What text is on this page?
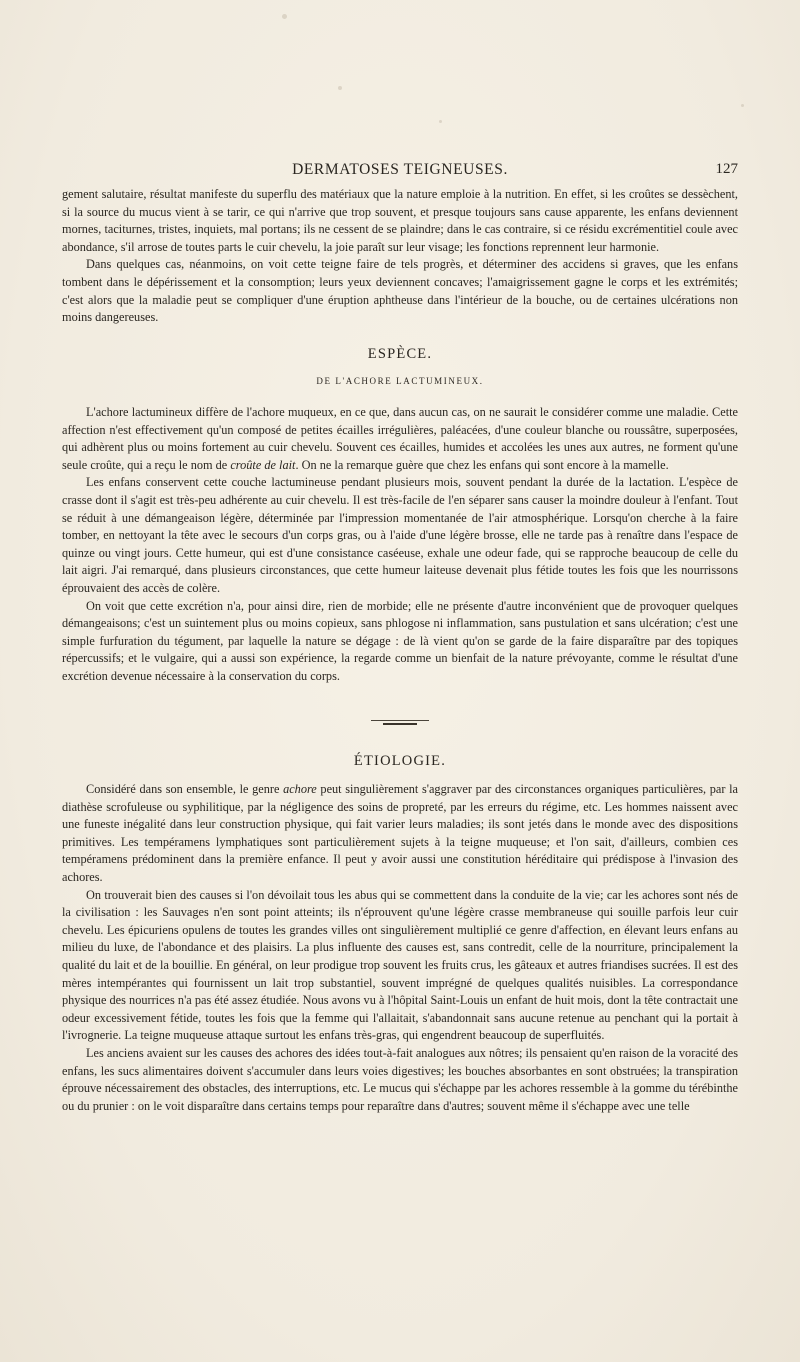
DERMATOSES TEIGNEUSES.	127

gement salutaire, résultat manifeste du superflu des matériaux que la nature emploie à la nutrition. En effet, si les croûtes se dessèchent, si la source du mucus vient à se tarir, ce qui n'arrive que trop souvent, et presque toujours sans cause apparente, les enfans deviennent mornes, taciturnes, tristes, inquiets, mal portans; ils ne cessent de se plaindre; dans le cas contraire, si ce résidu excrémentitiel coule avec abondance, s'il arrose de toutes parts le cuir chevelu, la joie paraît sur leur visage; les fonctions reprennent leur harmonie.

Dans quelques cas, néanmoins, on voit cette teigne faire de tels progrès, et déterminer des accidens si graves, que les enfans tombent dans le dépérissement et la consomption; leurs yeux deviennent concaves; l'amaigrissement gagne le corps et les extrémités; c'est alors que la maladie peut se compliquer d'une éruption aphtheuse dans l'intérieur de la bouche, ou de certaines ulcérations non moins dangereuses.

ESPÈCE.
DE L'ACHORE LACTUMINEUX.

L'achore lactumineux diffère de l'achore muqueux, en ce que, dans aucun cas, on ne saurait le considérer comme une maladie. Cette affection n'est effectivement qu'un composé de petites écailles irrégulières, paléacées, d'une couleur blanche ou roussâtre, superposées, qui adhèrent plus ou moins fortement au cuir chevelu. Souvent ces écailles, humides et accolées les unes aux autres, ne forment qu'une seule croûte, qui a reçu le nom de croûte de lait. On ne la remarque guère que chez les enfans qui sont encore à la mamelle.

Les enfans conservent cette couche lactumineuse pendant plusieurs mois, souvent pendant la durée de la lactation. L'espèce de crasse dont il s'agit est très-peu adhérente au cuir chevelu. Il est très-facile de l'en séparer sans causer la moindre douleur à l'enfant. Tout se réduit à une démangeaison légère, déterminée par l'impression momentanée de l'air atmosphérique. Lorsqu'on cherche à la faire tomber, en nettoyant la tête avec le secours d'un corps gras, ou à l'aide d'une légère brosse, elle ne tarde pas à renaître dans l'espace de quinze ou vingt jours. Cette humeur, qui est d'une consistance caséeuse, exhale une odeur fade, qui se rapproche beaucoup de celle du lait aigri. J'ai remarqué, dans plusieurs circonstances, que cette humeur laiteuse devenait plus fétide toutes les fois que les nourrissons éprouvaient des accès de colère.

On voit que cette excrétion n'a, pour ainsi dire, rien de morbide; elle ne présente d'autre inconvénient que de provoquer quelques démangeaisons; c'est un suintement plus ou moins copieux, sans phlogose ni inflammation, sans pustulation et sans ulcération; c'est une simple furfuration du tégument, par laquelle la nature se dégage : de là vient qu'on se garde de la faire disparaître par des topiques répercussifs; et le vulgaire, qui a aussi son expérience, la regarde comme un bienfait de la nature prévoyante, comme le résultat d'une excrétion devenue nécessaire à la conservation du corps.

ÉTIOLOGIE.

Considéré dans son ensemble, le genre achore peut singulièrement s'aggraver par des circonstances organiques particulières, par la diathèse scrofuleuse ou syphilitique, par la négligence des soins de propreté, par les erreurs du régime, etc. Les hommes naissent avec une funeste inégalité dans leur construction physique, qui fait varier leurs maladies; ils sont jetés dans le monde avec des dispositions primitives. Les tempéramens lymphatiques sont particulièrement sujets à la teigne muqueuse; et l'on sait, d'ailleurs, combien ces tempéramens prédominent dans la première enfance. Il peut y avoir aussi une constitution héréditaire qui prédispose à l'invasion des achores.

On trouverait bien des causes si l'on dévoilait tous les abus qui se commettent dans la conduite de la vie; car les achores sont nés de la civilisation : les Sauvages n'en sont point atteints; ils n'éprouvent qu'une légère crasse membraneuse qui souille parfois leur cuir chevelu. Les épicuriens opulens de toutes les grandes villes ont singulièrement multiplié ce genre d'affection, en élevant leurs enfans au milieu du luxe, de l'abondance et des plaisirs. La plus influente des causes est, sans contredit, celle de la nourriture, principalement la qualité du lait et de la bouillie. En général, on leur prodigue trop souvent les fruits crus, les gâteaux et autres friandises sucrées. Il est des mères intempérantes qui fournissent un lait trop substantiel, souvent imprégné de quelques qualités nuisibles. La correspondance physique des nourrices n'a pas été assez étudiée. Nous avons vu à l'hôpital Saint-Louis un enfant de huit mois, dont la tête contractait une odeur excessivement fétide, toutes les fois que la femme qui l'allaitait, s'abandonnait sans aucune retenue au penchant qui la portait à l'ivrognerie. La teigne muqueuse attaque surtout les enfans très-gras, qui engendrent beaucoup de superfluités.

Les anciens avaient sur les causes des achores des idées tout-à-fait analogues aux nôtres; ils pensaient qu'en raison de la voracité des enfans, les sucs alimentaires doivent s'accumuler dans leurs voies digestives; les bouches absorbantes en sont obstruées; la transpiration éprouve nécessairement des obstacles, des interruptions, etc. Le mucus qui s'échappe par les achores ressemble à la gomme du térébinthe ou du prunier : on le voit disparaître dans certains temps pour reparaître dans d'autres; souvent même il s'échappe avec une telle
